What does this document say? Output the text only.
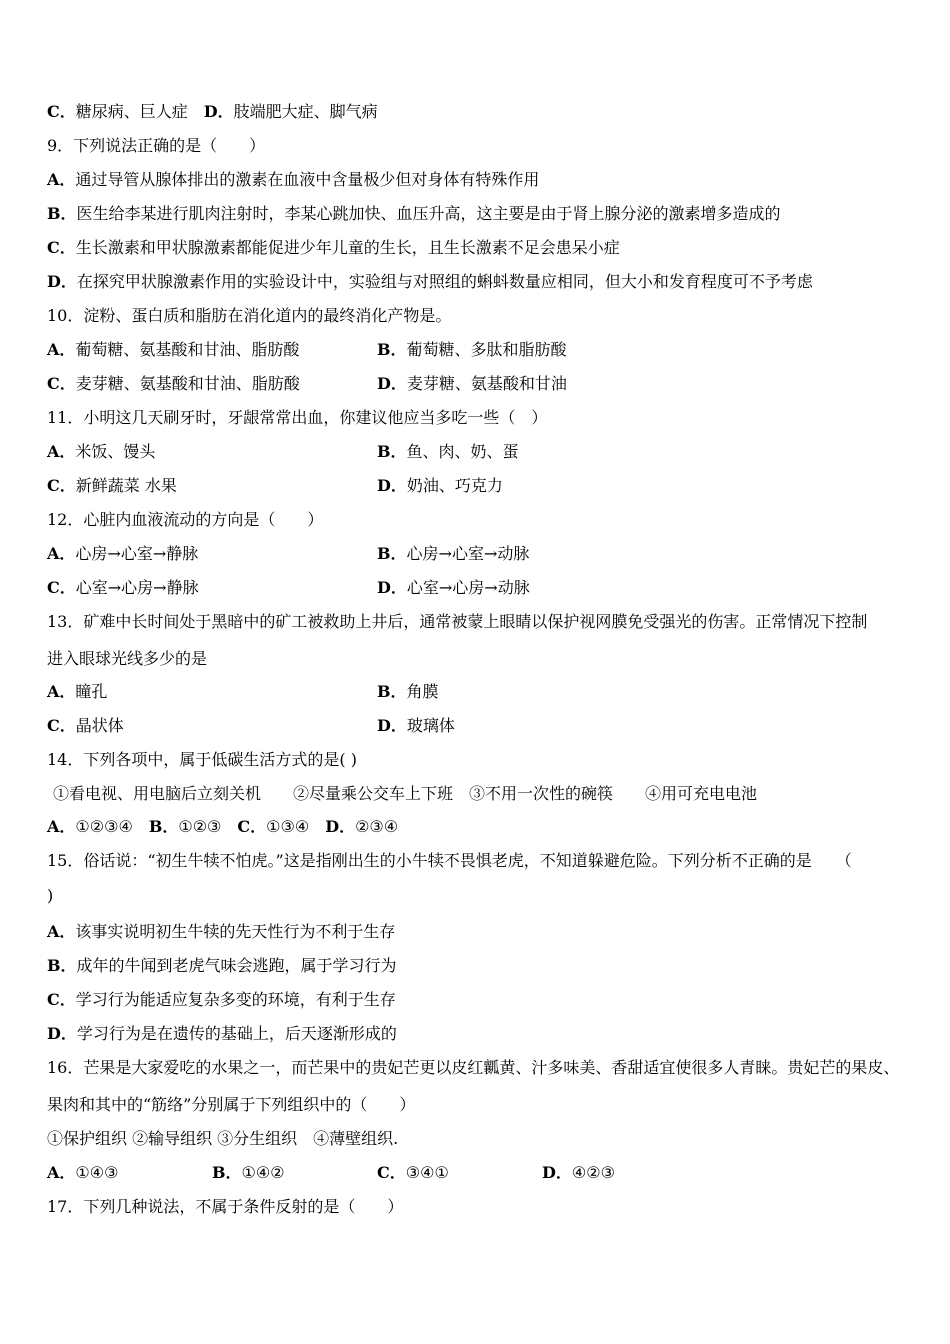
C．糖尿病、巨人症　 D．肢端肥大症、脚气病
9．下列说法正确的是（　　）
A．通过导管从腺体排出的激素在血液中含量极少但对身体有特殊作用
B．医生给李某进行肌肉注射时，李某心跳加快、血压升高，这主要是由于肾上腺分泌的激素增多造成的
C．生长激素和甲状腺激素都能促进少年儿童的生长，且生长激素不足会患呆小症
D．在探究甲状腺激素作用的实验设计中，实验组与对照组的蝌蚪数量应相同，但大小和发育程度可不予考虑
10．淀粉、蛋白质和脂肪在消化道内的最终消化产物是。
A．葡萄糖、氨基酸和甘油、脂肪酸	B．葡萄糖、多肽和脂肪酸
C．麦芽糖、氨基酸和甘油、脂肪酸	D．麦芽糖、氨基酸和甘油
11．小明这几天刷牙时，牙龈常常出血，你建议他应当多吃一些（　）
A．米饭、馒头	B．鱼、肉、奶、蛋
C．新鲜蔬菜 水果	D．奶油、巧克力
12．心脏内血液流动的方向是（　　）
A．心房→心室→静脉	B．心房→心室→动脉
C．心室→心房→静脉	D．心室→心房→动脉
13．矿难中长时间处于黑暗中的矿工被救助上井后，通常被蒙上眼睛以保护视网膜免受强光的伤害。正常情况下控制
进入眼球光线多少的是
A．瞳孔	B．角膜
C．晶状体	D．玻璃体
14．下列各项中，属于低碳生活方式的是( )
①看电视、用电脑后立刻关机　　②尽量乘公交车上下班　③不用一次性的碗筷　　④用可充电电池
A．①②③④　 B．①②③　 C．①③④　 D．②③④
15．俗话说：“初生牛犊不怕虎。”这是指刚出生的小牛犊不畏惧老虎，不知道躲避危险。下列分析不正确的是　　（
)
A．该事实说明初生牛犊的先天性行为不利于生存
B．成年的牛闻到老虎气味会逃跑，属于学习行为
C．学习行为能适应复杂多变的环境，有利于生存
D．学习行为是在遗传的基础上，后天逐渐形成的
16．芒果是大家爱吃的水果之一，而芒果中的贵妃芒更以皮红瓤黄、汁多味美、香甜适宜使很多人青睐。贵妃芒的果皮、
果肉和其中的“筋络”分别属于下列组织中的（　　）
①保护组织 ②输导组织 ③分生组织　④薄壁组织.
A．①④③	B．①④②	C．③④①	D．④②③
17．下列几种说法，不属于条件反射的是（　　）
